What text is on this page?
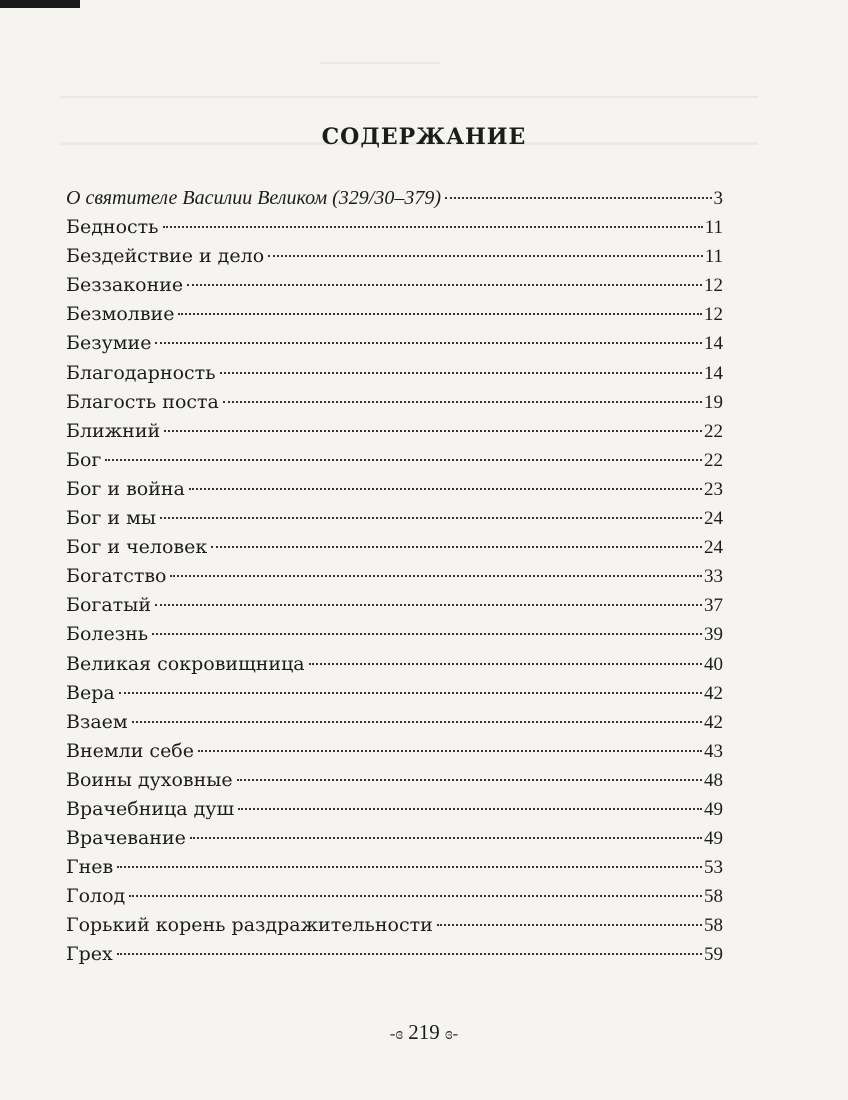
СОДЕРЖАНИЕ
О святителе Василии Великом (329/30–379)	3
Бедность	11
Бездействие и дело	11
Беззаконие	12
Безмолвие	12
Безумие	14
Благодарность	14
Благость поста	19
Ближний	22
Бог	22
Бог и война	23
Бог и мы	24
Бог и человек	24
Богатство	33
Богатый	37
Болезнь	39
Великая сокровищница	40
Вера	42
Взаем	42
Внемли себе	43
Воины духовные	48
Врачебница душ	49
Врачевание	49
Гнев	53
Голод	58
Горький корень раздражительности	58
Грех	59
-ɞ 219 ɞ-
